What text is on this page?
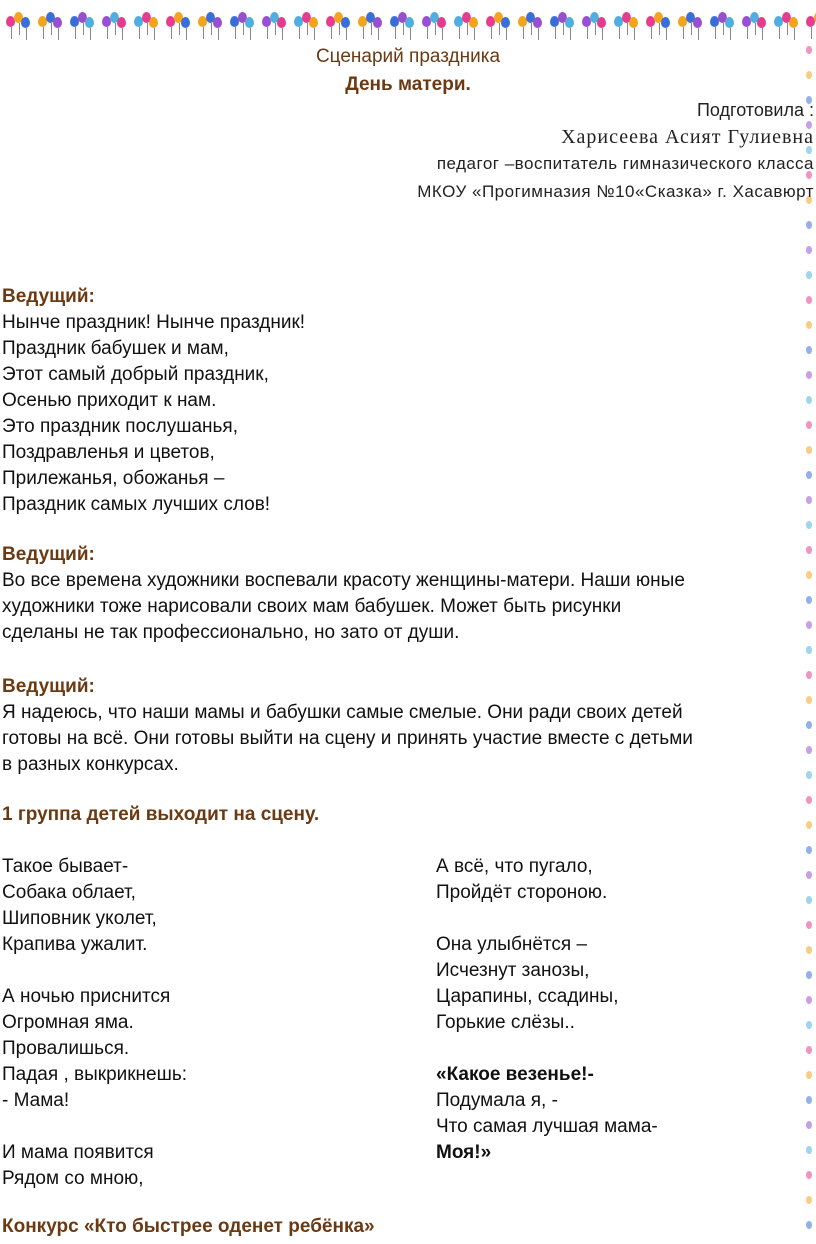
Сценарий праздника
День матери.
Подготовила :
Харисеева Асият Гулиевна
педагог –воспитатель гимназического класса
МКОУ «Прогимназия №10«Сказка» г. Хасавюрт
Ведущий:
Нынче праздник! Нынче праздник!
Праздник бабушек и мам,
Этот самый добрый праздник,
Осенью приходит к нам.
Это праздник послушанья,
Поздравленья и цветов,
Прилежанья, обожанья –
Праздник самых лучших слов!
Ведущий:
Во все времена художники воспевали красоту женщины-матери. Наши юные
художники тоже нарисовали своих мам бабушек. Может быть рисунки
сделаны не так профессионально, но зато от души.
Ведущий:
Я надеюсь, что наши мамы и бабушки самые смелые. Они ради своих детей
готовы на всё. Они готовы выйти на сцену и принять участие вместе с детьми
в разных конкурсах.
1 группа детей выходит на сцену.
Такое бывает-
Собака облает,
Шиповник уколет,
Крапива ужалит.
А ночью приснится
Огромная яма.
Провалишься.
Падая , выкрикнешь:
- Мама!
И мама появится
Рядом со мною,
А всё, что пугало,
Пройдёт стороною.
Она улыбнётся –
Исчезнут занозы,
Царапины, ссадины,
Горькие слёзы..
«Какое везенье!-
Подумала я, -
Что самая лучшая мама-
Моя!»
Конкурс «Кто быстрее оденет ребёнка»
